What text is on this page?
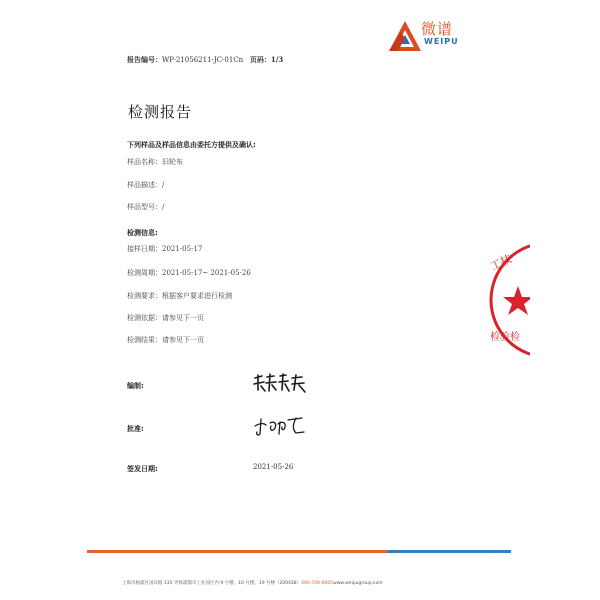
报告编号：WP-21056211-JC-01Cn 页码：1/3
微谱
WEIPU
检测报告
下列样品及样品信息由委托方提供及确认:
样品名称：旧轮布
样品描述：/
样品型号：/
检测信息:
接样日期：2021-05-17
检测周期：2021-05-17~ 2021-05-26
检测要求：根据客户要求进行检测
检测依据：请参见下一页
检测结果：请参见下一页
编制:
批准:
签发日期:	2021-05-26
工技
检验检
上海市杨浦区国宾路 135 弄杨浦都市工业园区内 9 号楼、10 号楼、19 号楼（200438）400-700-6605www.weipugroup.com
